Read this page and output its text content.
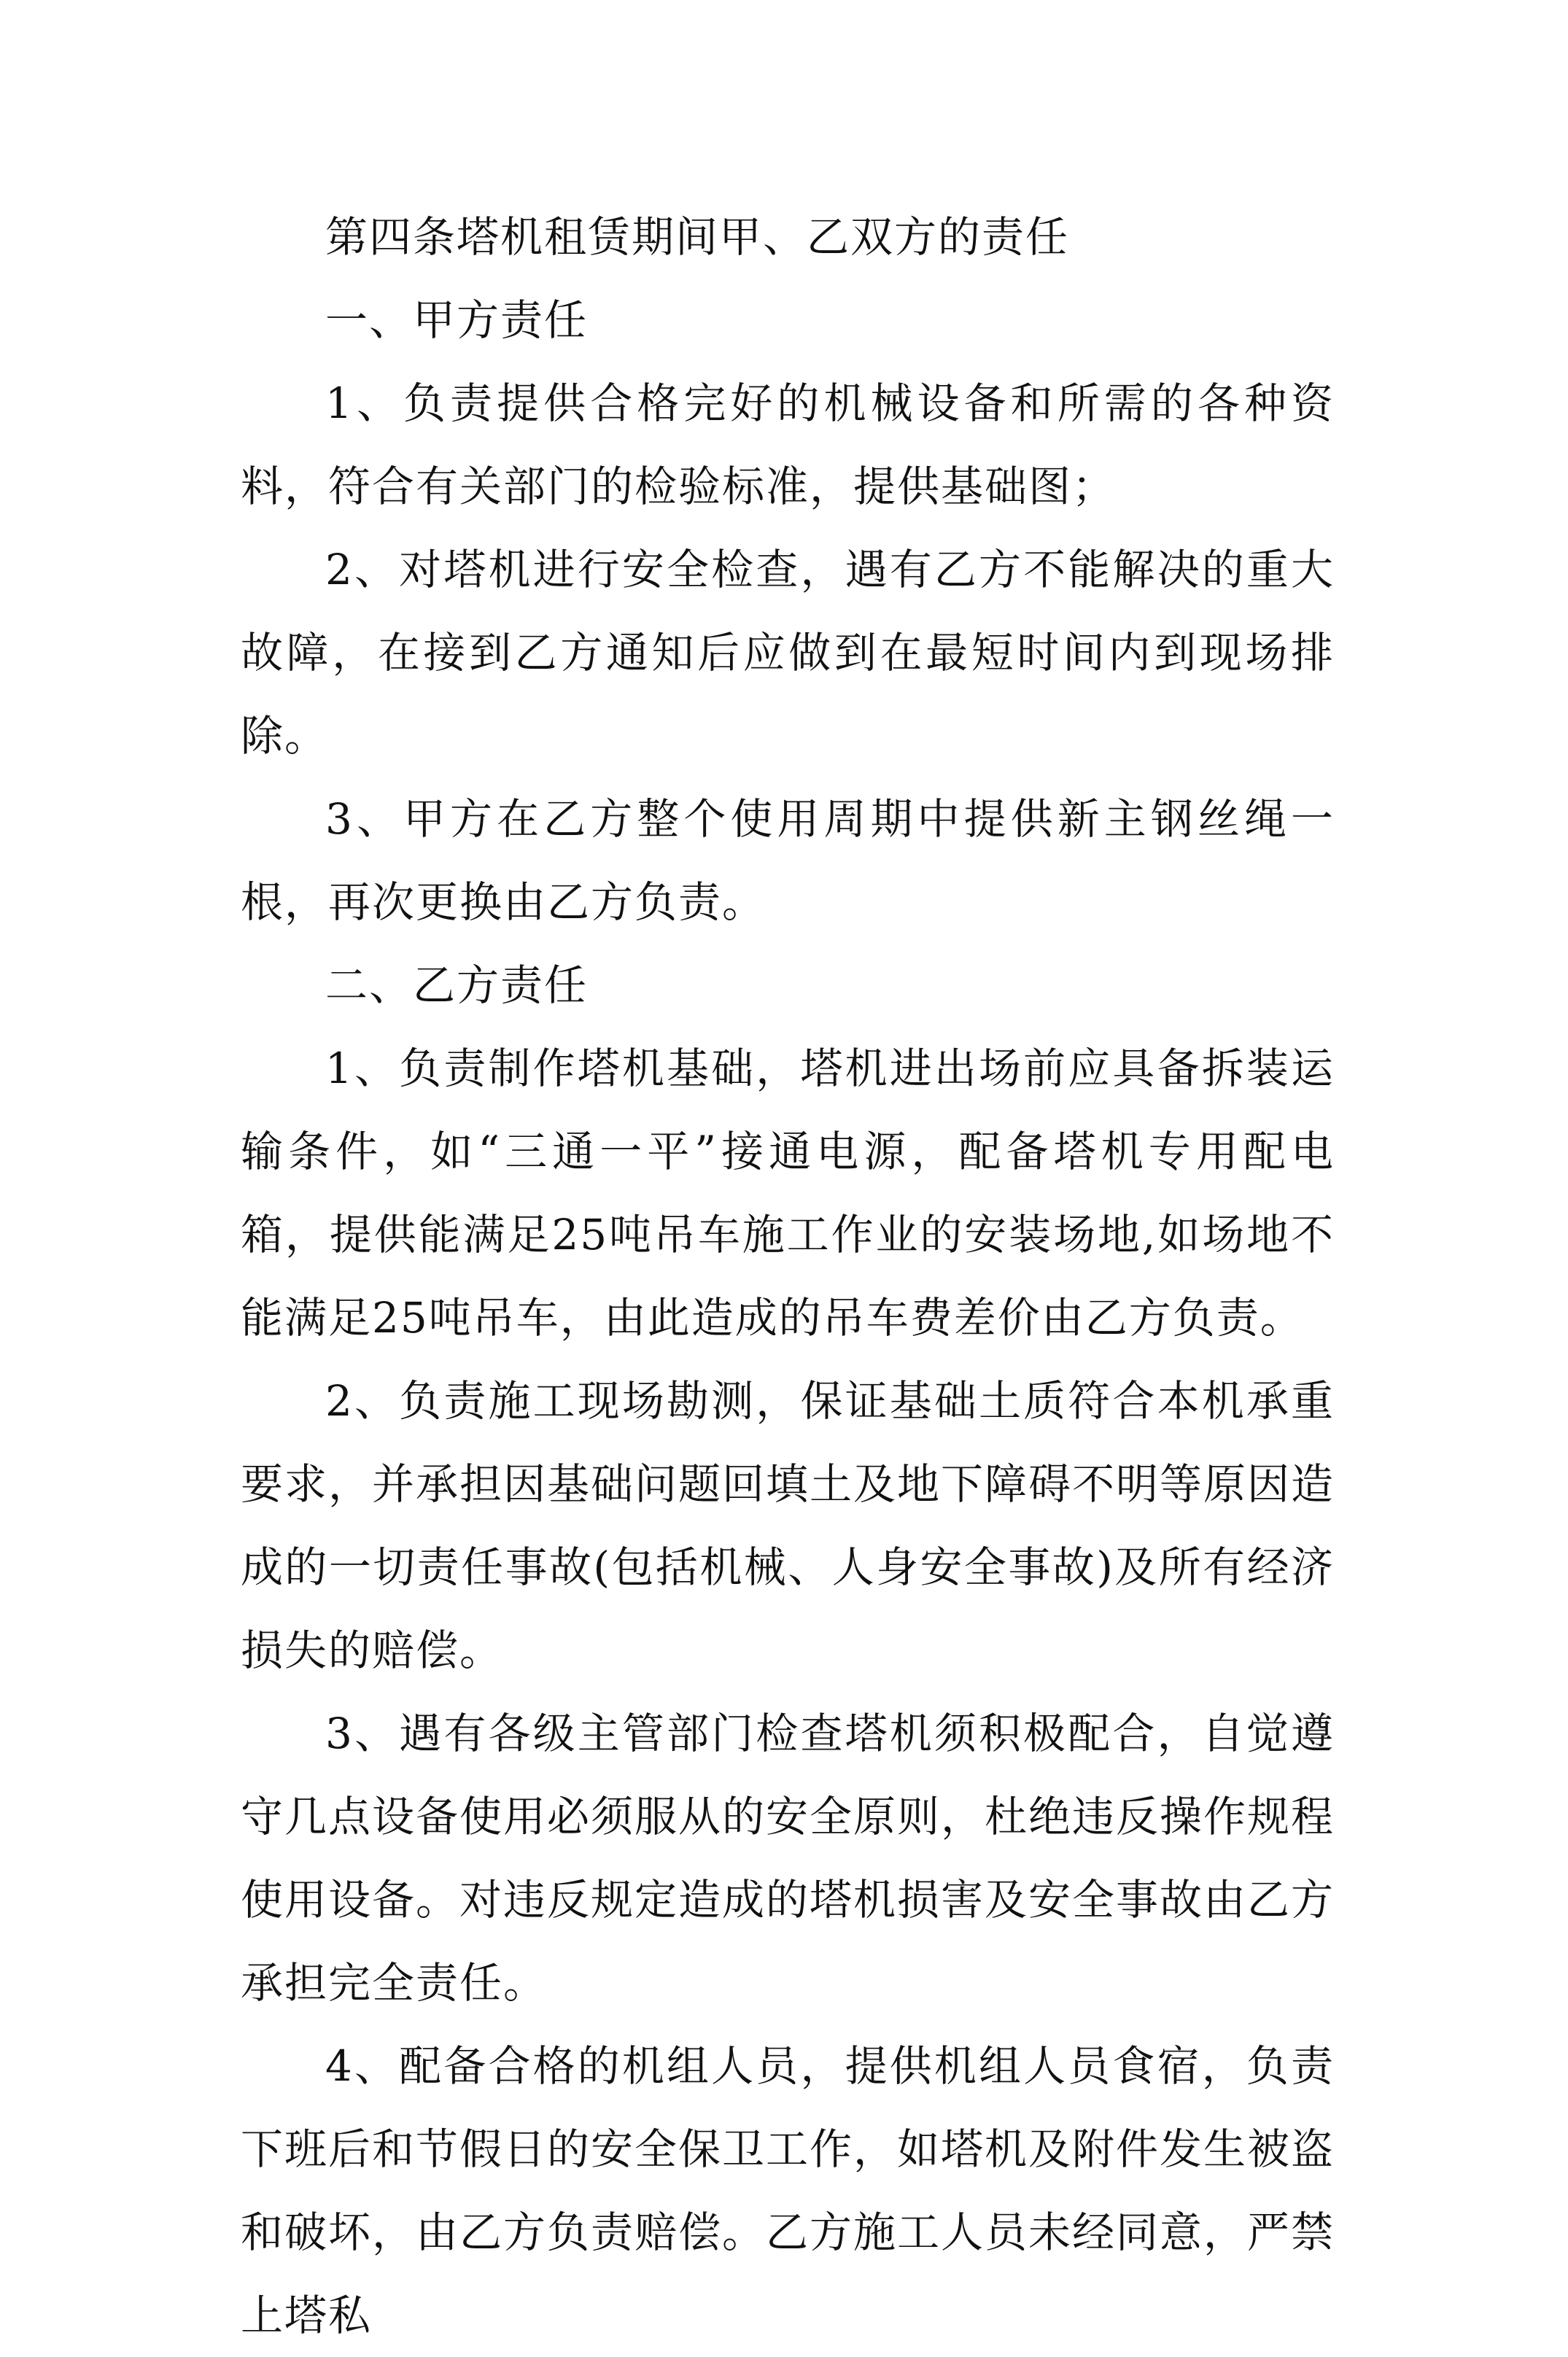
第四条塔机租赁期间甲、乙双方的责任

一、甲方责任

1、负责提供合格完好的机械设备和所需的各种资料，符合有关部门的检验标准，提供基础图；

2、对塔机进行安全检查，遇有乙方不能解决的重大故障，在接到乙方通知后应做到在最短时间内到现场排除。

3、甲方在乙方整个使用周期中提供新主钢丝绳一根，再次更换由乙方负责。

二、乙方责任

1、负责制作塔机基础，塔机进出场前应具备拆装运输条件，如“三通一平”接通电源，配备塔机专用配电箱，提供能满足25吨吊车施工作业的安装场地,如场地不能满足25吨吊车，由此造成的吊车费差价由乙方负责。

2、负责施工现场勘测，保证基础土质符合本机承重要求，并承担因基础问题回填土及地下障碍不明等原因造成的一切责任事故(包括机械、人身安全事故)及所有经济损失的赔偿。

3、遇有各级主管部门检查塔机须积极配合，自觉遵守几点设备使用必须服从的安全原则，杜绝违反操作规程使用设备。对违反规定造成的塔机损害及安全事故由乙方承担完全责任。

4、配备合格的机组人员，提供机组人员食宿，负责下班后和节假日的安全保卫工作，如塔机及附件发生被盗和破坏，由乙方负责赔偿。乙方施工人员未经同意，严禁上塔私
